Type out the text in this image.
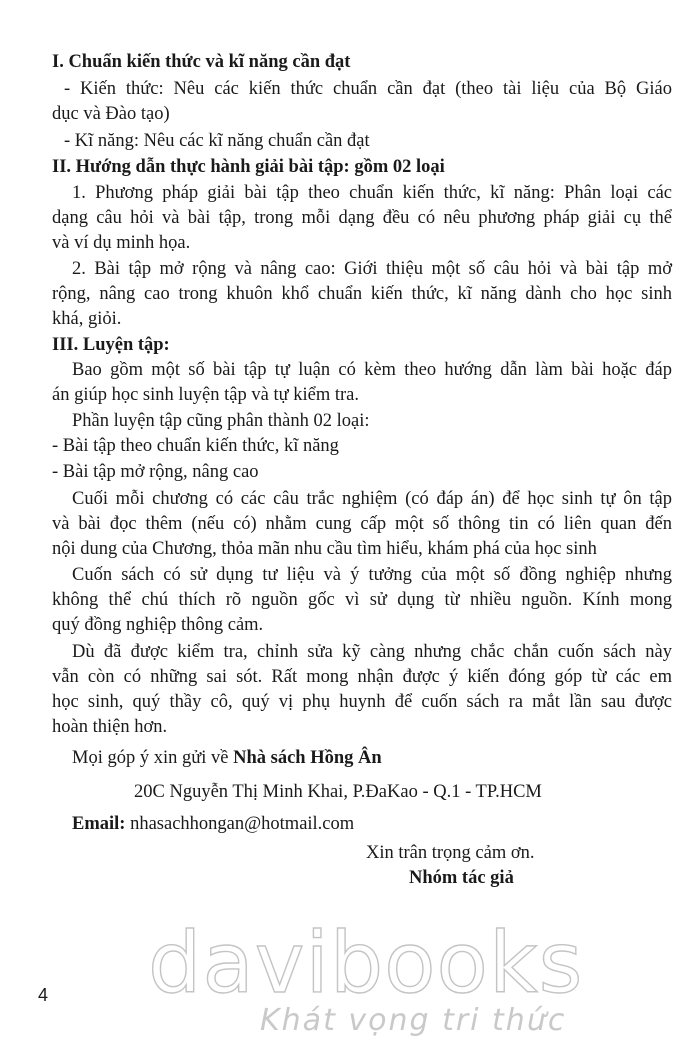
I. Chuẩn kiến thức và kĩ năng cần đạt
- Kiến thức: Nêu các kiến thức chuẩn cần đạt (theo tài liệu của Bộ Giáo
dục và Đào tạo)
- Kĩ năng: Nêu các kĩ năng chuẩn cần đạt
II. Hướng dẫn thực hành giải bài tập: gồm 02 loại
1. Phương pháp giải bài tập theo chuẩn kiến thức, kĩ năng: Phân loại các
dạng câu hỏi và bài tập, trong mỗi dạng đều có nêu phương pháp giải cụ thể
và ví dụ minh họa.
2. Bài tập mở rộng và nâng cao: Giới thiệu một số câu hỏi và bài tập mở
rộng, nâng cao trong khuôn khổ chuẩn kiến thức, kĩ năng dành cho học sinh
khá, giỏi.
III. Luyện tập:
Bao gồm một số bài tập tự luận có kèm theo hướng dẫn làm bài hoặc đáp
án giúp học sinh luyện tập và tự kiểm tra.
Phần luyện tập cũng phân thành 02 loại:
- Bài tập theo chuẩn kiến thức, kĩ năng
- Bài tập mở rộng, nâng cao
Cuối mỗi chương có các câu trắc nghiệm (có đáp án) để học sinh tự ôn tập
và bài đọc thêm (nếu có) nhằm cung cấp một số thông tin có liên quan đến
nội dung của Chương, thỏa mãn nhu cầu tìm hiểu, khám phá của học sinh
Cuốn sách có sử dụng tư liệu và ý tưởng của một số đồng nghiệp nhưng
không thể chú thích rõ nguồn gốc vì sử dụng từ nhiều nguồn. Kính mong
quý đồng nghiệp thông cảm.
Dù đã được kiểm tra, chỉnh sửa kỹ càng nhưng chắc chắn cuốn sách này
vẫn còn có những sai sót. Rất mong nhận được ý kiến đóng góp từ các em
học sinh, quý thầy cô, quý vị phụ huynh để cuốn sách ra mắt lần sau được
hoàn thiện hơn.
Mọi góp ý xin gửi về Nhà sách Hồng Ân
20C Nguyễn Thị Minh Khai, P.ĐaKao - Q.1 - TP.HCM
Email: nhasachhongan@hotmail.com
Xin trân trọng cảm ơn.
Nhóm tác giả
davibooks
Khát vọng tri thức
4
